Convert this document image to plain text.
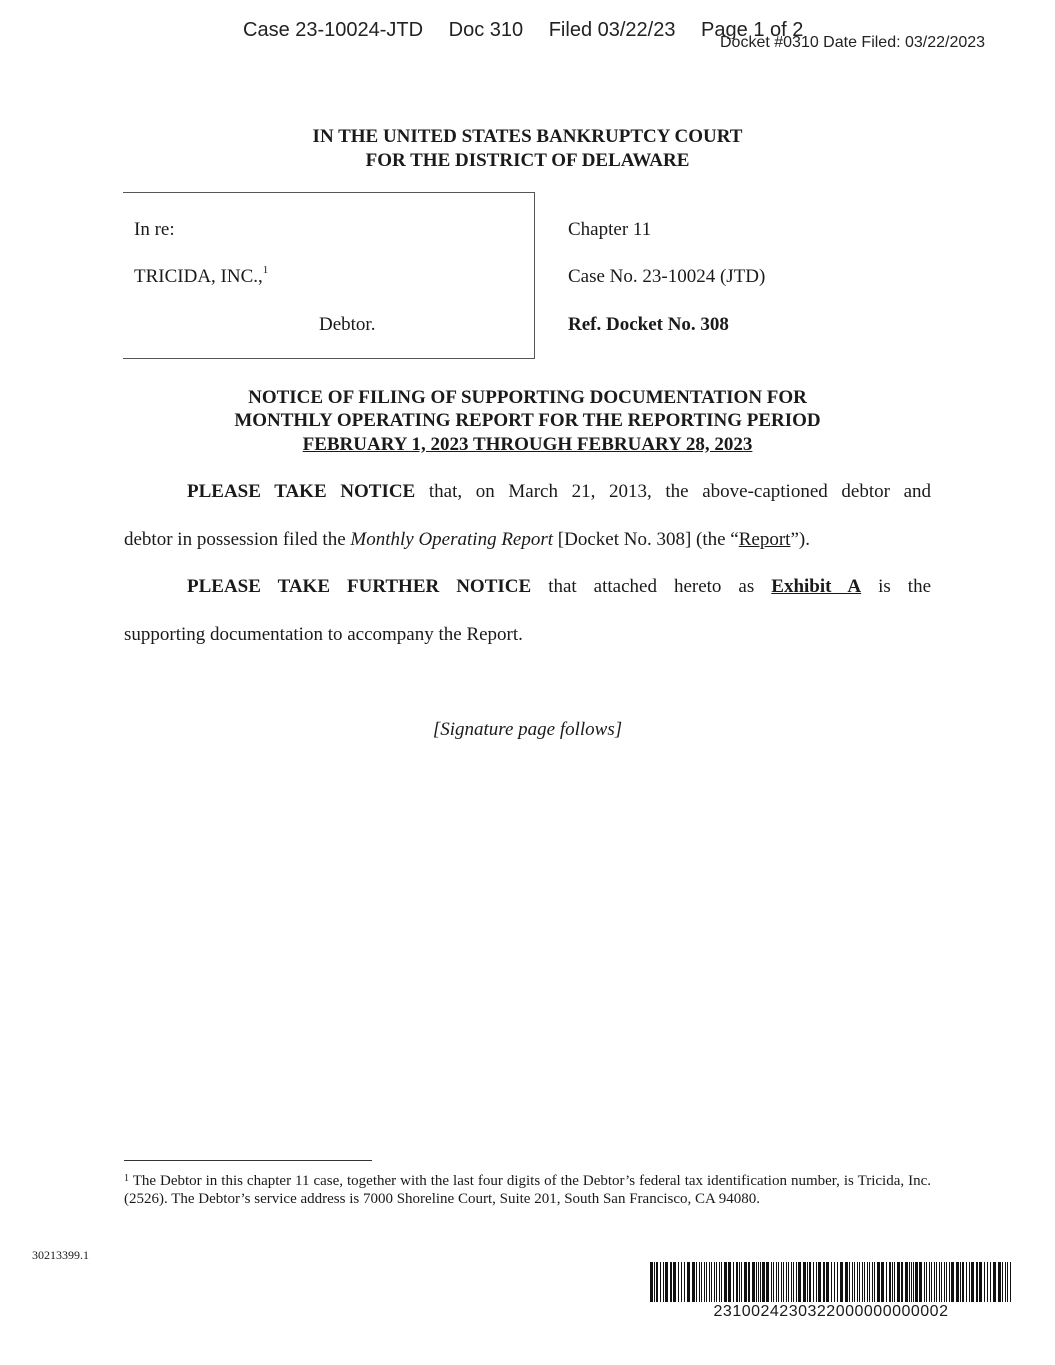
Case 23-10024-JTD Doc 310 Filed 03/22/23 Page 1 of 2
Docket #0310 Date Filed: 03/22/2023
IN THE UNITED STATES BANKRUPTCY COURT
FOR THE DISTRICT OF DELAWARE
In re:
TRICIDA, INC.,$^1$
Debtor.
Chapter 11
Case No. 23-10024 (JTD)
Ref. Docket No. 308
NOTICE OF FILING OF SUPPORTING DOCUMENTATION FOR
MONTHLY OPERATING REPORT FOR THE REPORTING PERIOD
FEBRUARY 1, 2023 THROUGH FEBRUARY 28, 2023
PLEASE TAKE NOTICE that, on March 21, 2013, the above-captioned debtor and
debtor in possession filed the Monthly Operating Report [Docket No. 308] (the “Report”).
PLEASE TAKE FURTHER NOTICE that attached hereto as Exhibit A is the
supporting documentation to accompany the Report.
[Signature page follows]
$^1$ The Debtor in this chapter 11 case, together with the last four digits of the Debtor’s federal tax identification number, is Tricida, Inc. (2526). The Debtor’s service address is 7000 Shoreline Court, Suite 201, South San Francisco, CA 94080.
30213399.1
2310024230322000000000002
